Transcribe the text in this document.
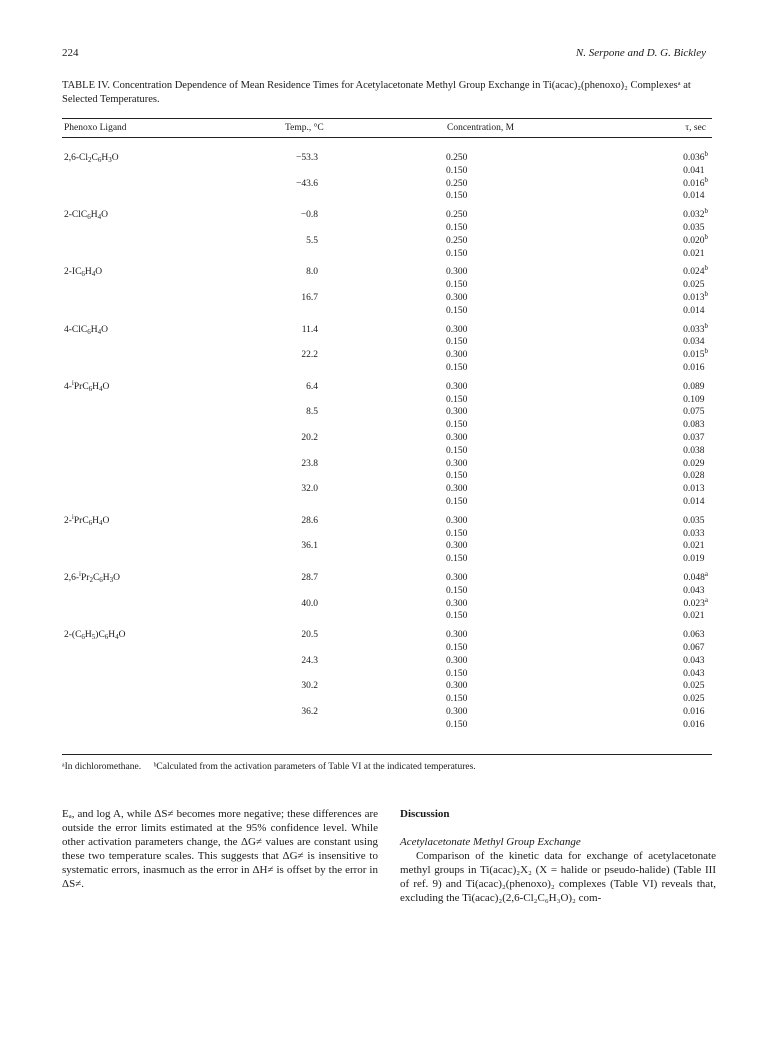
224	N. Serpone and D. G. Bickley
TABLE IV. Concentration Dependence of Mean Residence Times for Acetylacetonate Methyl Group Exchange in Ti(acac)₂(phenoxo)₂ Complexesᵃ at Selected Temperatures.
Phenoxo Ligand	Temp., °C	Concentration, M	τ, sec
$2,6-Cl_2C_6H_3O$	−53.3	0.250	0.036$^b$
0.150	0.041
−43.6	0.250	0.016$^b$
0.150	0.014
$2-ClC_6H_4O$	−0.8	0.250	0.032$^b$
0.150	0.035
5.5	0.250	0.020$^b$
0.150	0.021
$2-IC_6H_4O$	8.0	0.300	0.024$^b$
0.150	0.025
16.7	0.300	0.013$^b$
0.150	0.014
$4-ClC_6H_4O$	11.4	0.300	0.033$^b$
0.150	0.034
22.2	0.300	0.015$^b$
0.150	0.016
$4-^iPrC_6H_4O$	6.4	0.300	0.089
0.150	0.109
8.5	0.300	0.075
0.150	0.083
20.2	0.300	0.037
0.150	0.038
23.8	0.300	0.029
0.150	0.028
32.0	0.300	0.013
0.150	0.014
$2-^iPrC_6H_4O$	28.6	0.300	0.035
0.150	0.033
36.1	0.300	0.021
0.150	0.019
$2,6-^iPr_2C_6H_3O$	28.7	0.300	0.048$^a$
0.150	0.043
40.0	0.300	0.023$^a$
0.150	0.021
$2-(C_6H_5)C_6H_4O$	20.5	0.300	0.063
0.150	0.067
24.3	0.300	0.043
0.150	0.043
30.2	0.300	0.025
0.150	0.025
36.2	0.300	0.016
0.150	0.016
ᵃIn dichloromethane. ᵇCalculated from the activation parameters of Table VI at the indicated temperatures.

Eₐ, and log A, while ΔS≠ becomes more negative; these differences are outside the error limits estimated at the 95% confidence level. While other activation parameters change, the ΔG≠ values are constant using these two temperature scales. This suggests that ΔG≠ is insensitive to systematic errors, inasmuch as the error in ΔH≠ is offset by the error in ΔS≠.

Discussion
Acetylacetonate Methyl Group Exchange

Comparison of the kinetic data for exchange of acetylacetonate methyl groups in Ti(acac)₂X₂ (X = halide or pseudo-halide) (Table III of ref. 9) and Ti(acac)₂(phenoxo)₂ complexes (Table VI) reveals that, excluding the Ti(acac)₂(2,6-Cl₂C₆H₃O)₂ com-
